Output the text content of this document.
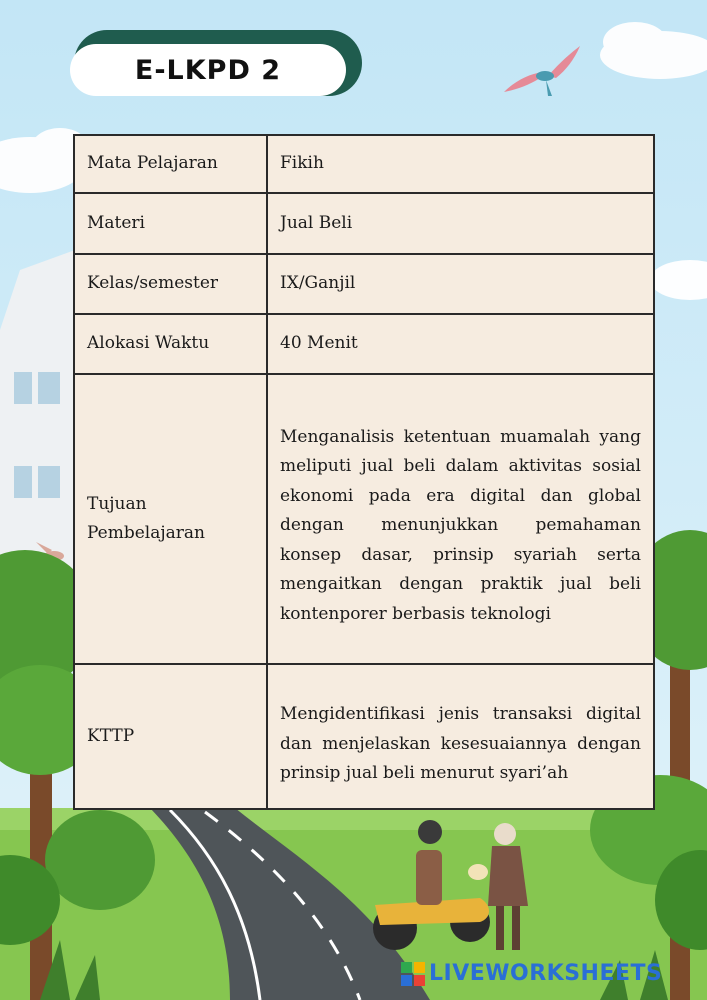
E-LKPD 2
Mata Pelajaran	Fikih
Materi	Jual Beli
Kelas/semester	IX/Ganjil
Alokasi Waktu	40 Menit
Tujuan Pembelajaran	Menganalisis ketentuan muamalah yang meliputi jual beli dalam aktivitas sosial ekonomi pada era digital dan global dengan menunjukkan pemahaman konsep dasar, prinsip syariah serta mengaitkan dengan praktik jual beli kontenporer berbasis teknologi
KTTP	Mengidentifikasi jenis transaksi digital dan menjelaskan kesesuaiannya dengan prinsip jual beli menurut syari’ah
LIVEWORKSHEETS
